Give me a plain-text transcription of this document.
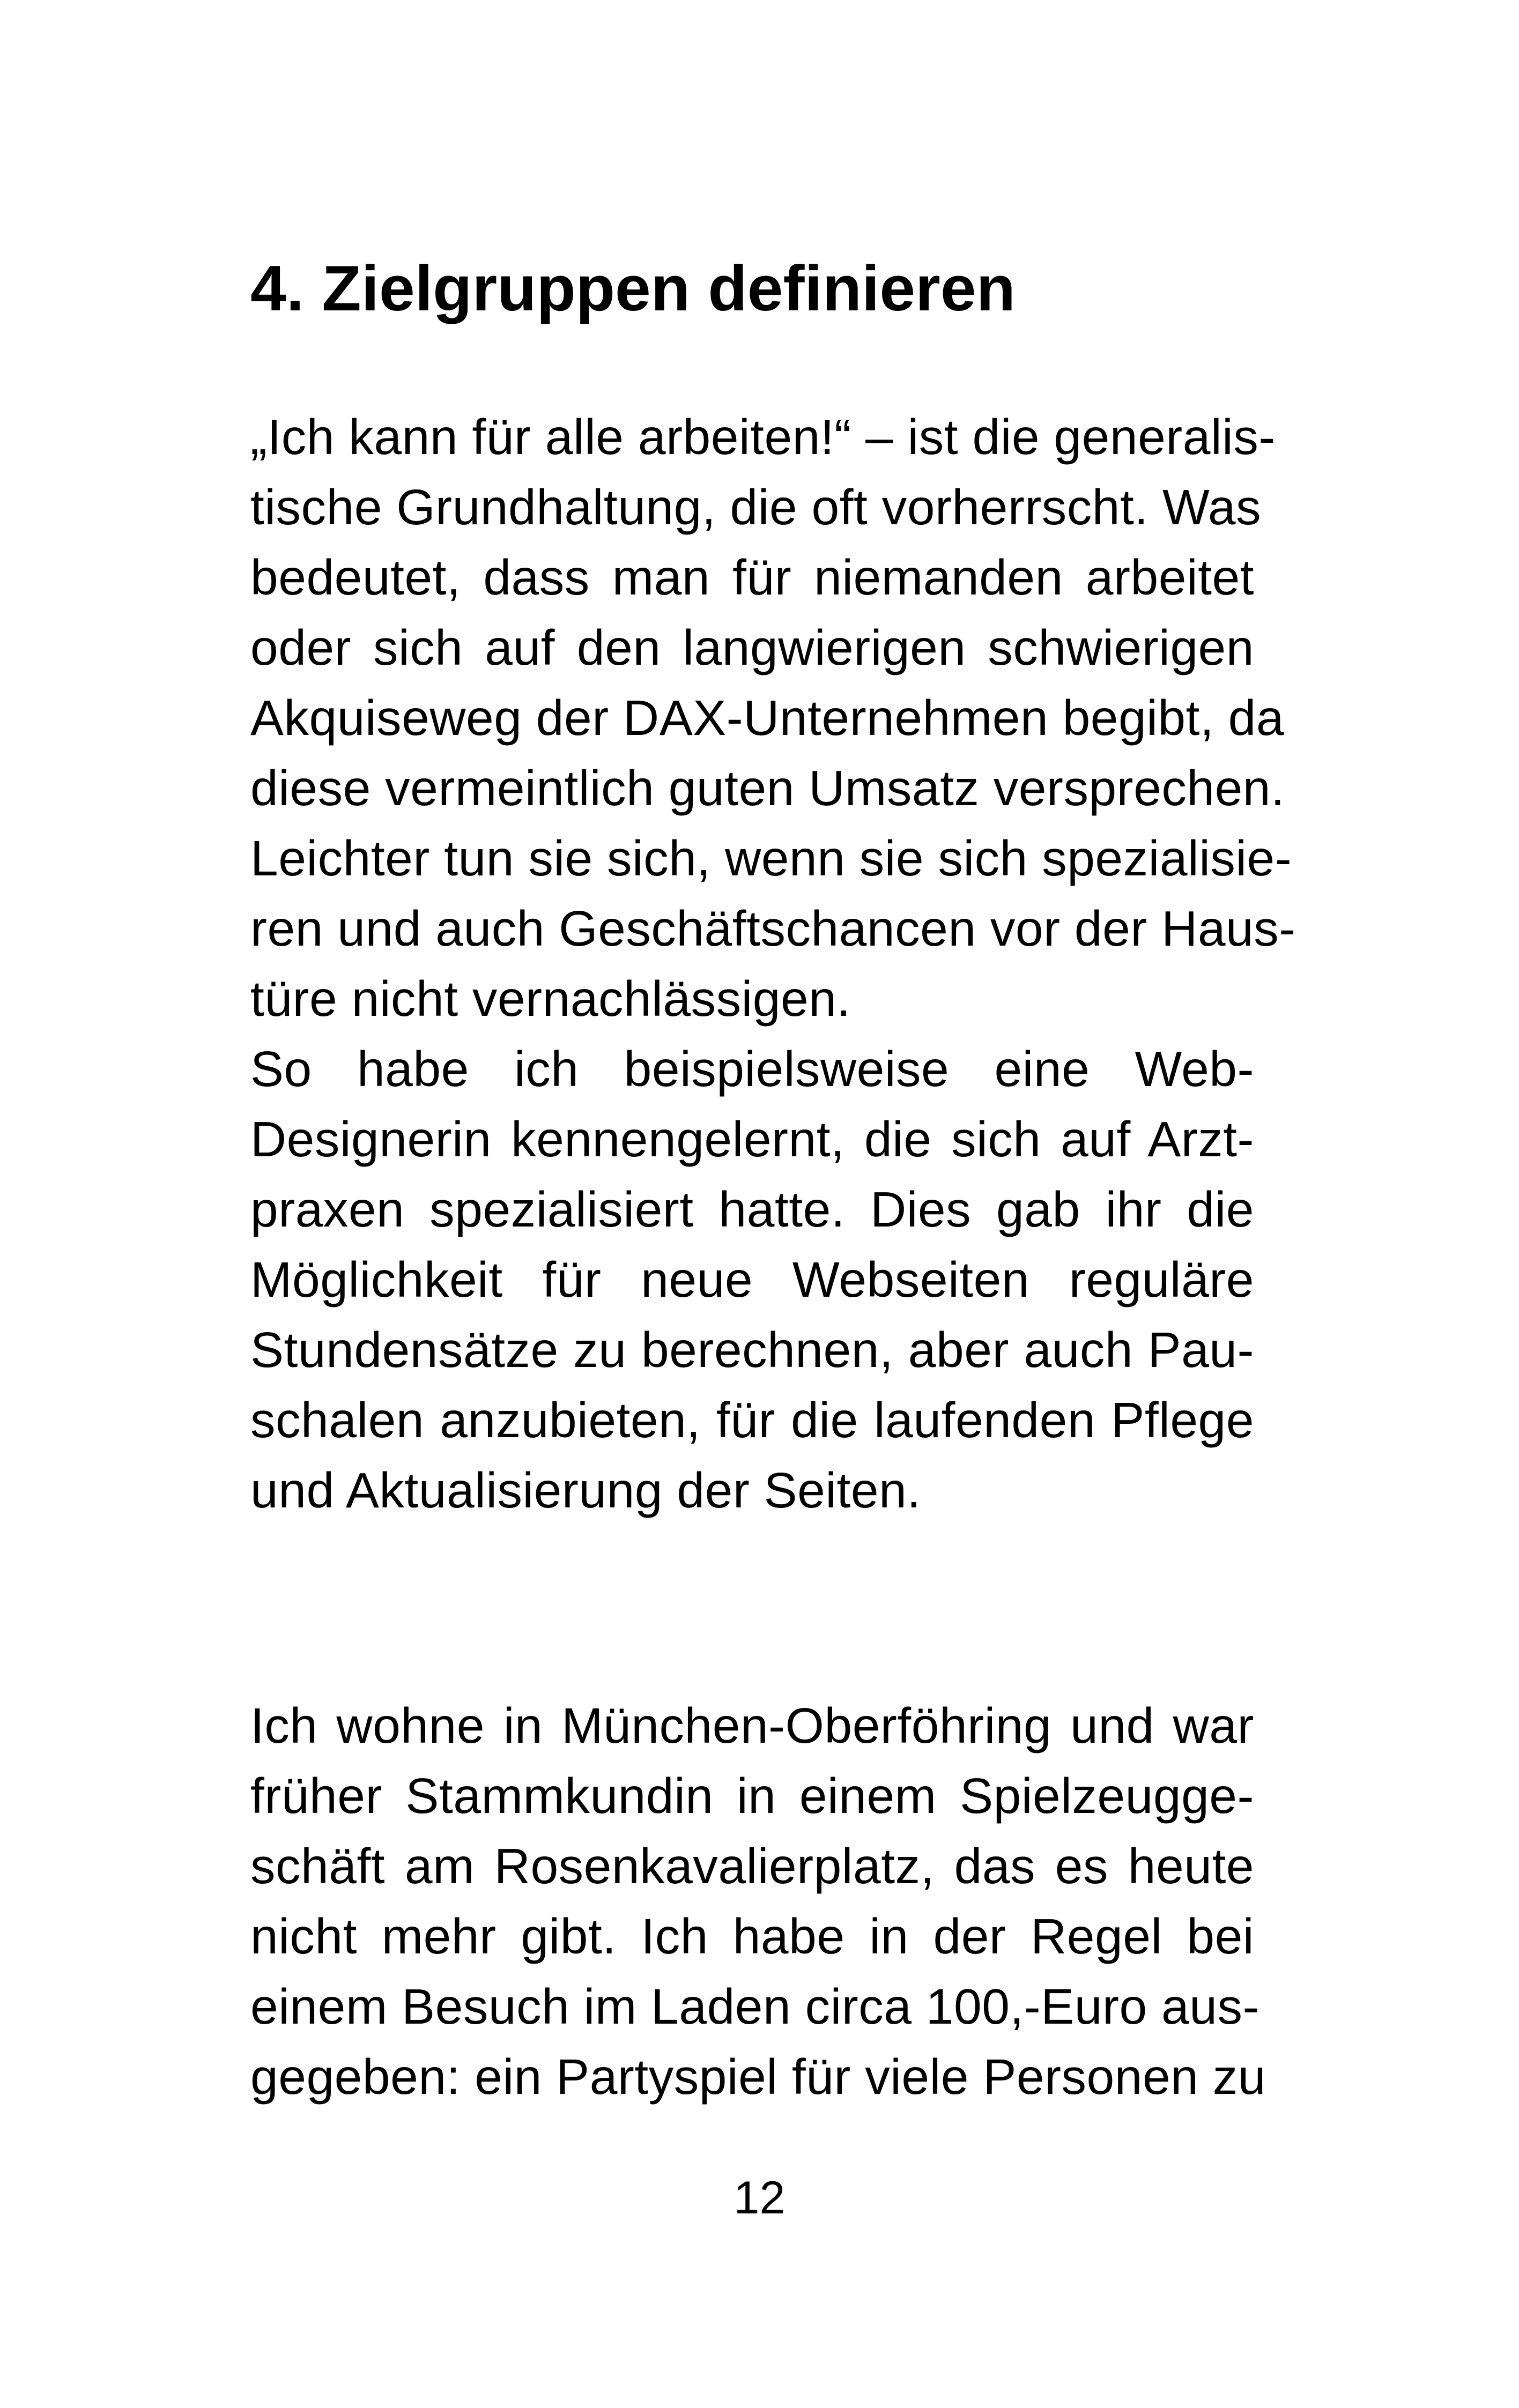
4. Zielgruppen definieren
„Ich kann für alle arbeiten!“ – ist die generalis-
tische Grundhaltung, die oft vorherrscht. Was
bedeutet, dass man für niemanden arbeitet
oder sich auf den langwierigen schwierigen
Akquiseweg der DAX-Unternehmen begibt, da
diese vermeintlich guten Umsatz versprechen.
Leichter tun sie sich, wenn sie sich spezialisie-
ren und auch Geschäftschancen vor der Haus-
türe nicht vernachlässigen.
So habe ich beispielsweise eine Web-
Designerin kennengelernt, die sich auf Arzt-
praxen spezialisiert hatte. Dies gab ihr die
Möglichkeit für neue Webseiten reguläre
Stundensätze zu berechnen, aber auch Pau-
schalen anzubieten, für die laufenden Pflege
und Aktualisierung der Seiten.
Ich wohne in München-Oberföhring und war
früher Stammkundin in einem Spielzeugge-
schäft am Rosenkavalierplatz, das es heute
nicht mehr gibt. Ich habe in der Regel bei
einem Besuch im Laden circa 100,-Euro aus-
gegeben: ein Partyspiel für viele Personen zu
12
